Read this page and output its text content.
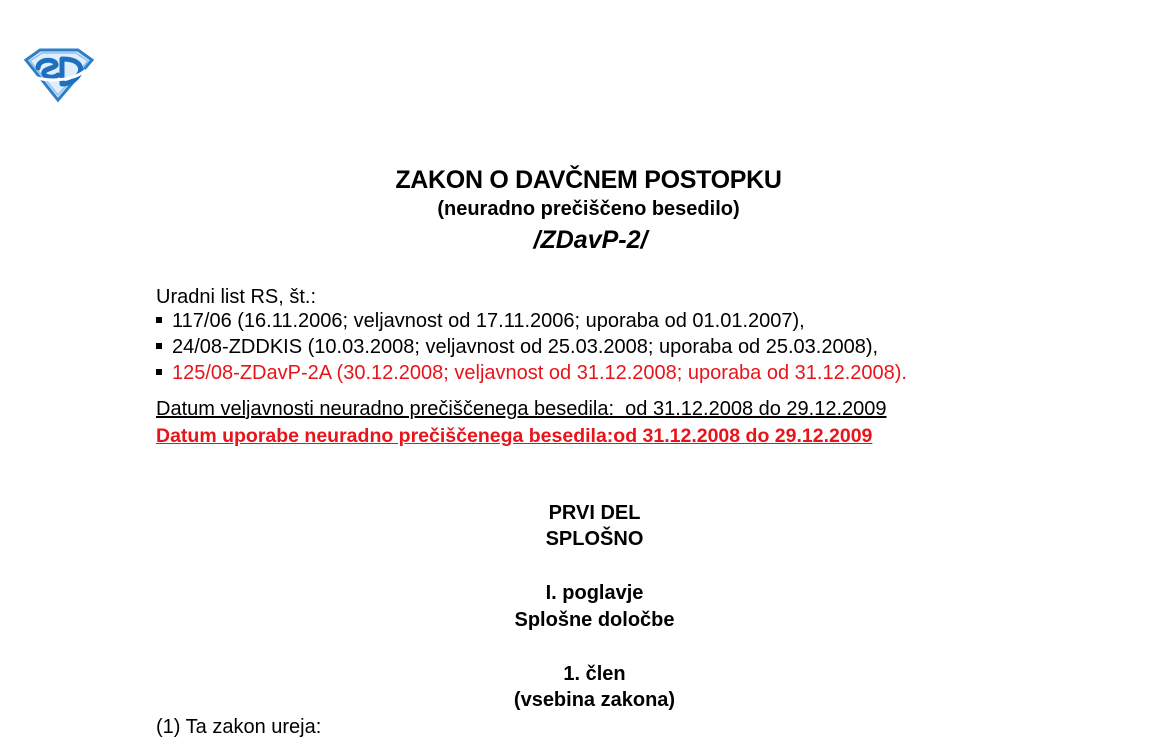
ZAKON O DAVČNEM POSTOPKU
(neuradno prečiščeno besedilo)
/ZDavP-2/
Uradni list RS, št.:
117/06 (16.11.2006; veljavnost od 17.11.2006; uporaba od 01.01.2007),
24/08-ZDDKIS (10.03.2008; veljavnost od 25.03.2008; uporaba od 25.03.2008),
125/08-ZDavP-2A (30.12.2008; veljavnost od 31.12.2008; uporaba od 31.12.2008).
Datum veljavnosti neuradno prečiščenega besedila:  od 31.12.2008 do 29.12.2009
Datum uporabe neuradno prečiščenega besedila:od 31.12.2008 do 29.12.2009
PRVI DEL
SPLOŠNO
I. poglavje
Splošne določbe
1. člen
(vsebina zakona)
(1) Ta zakon ureja:
